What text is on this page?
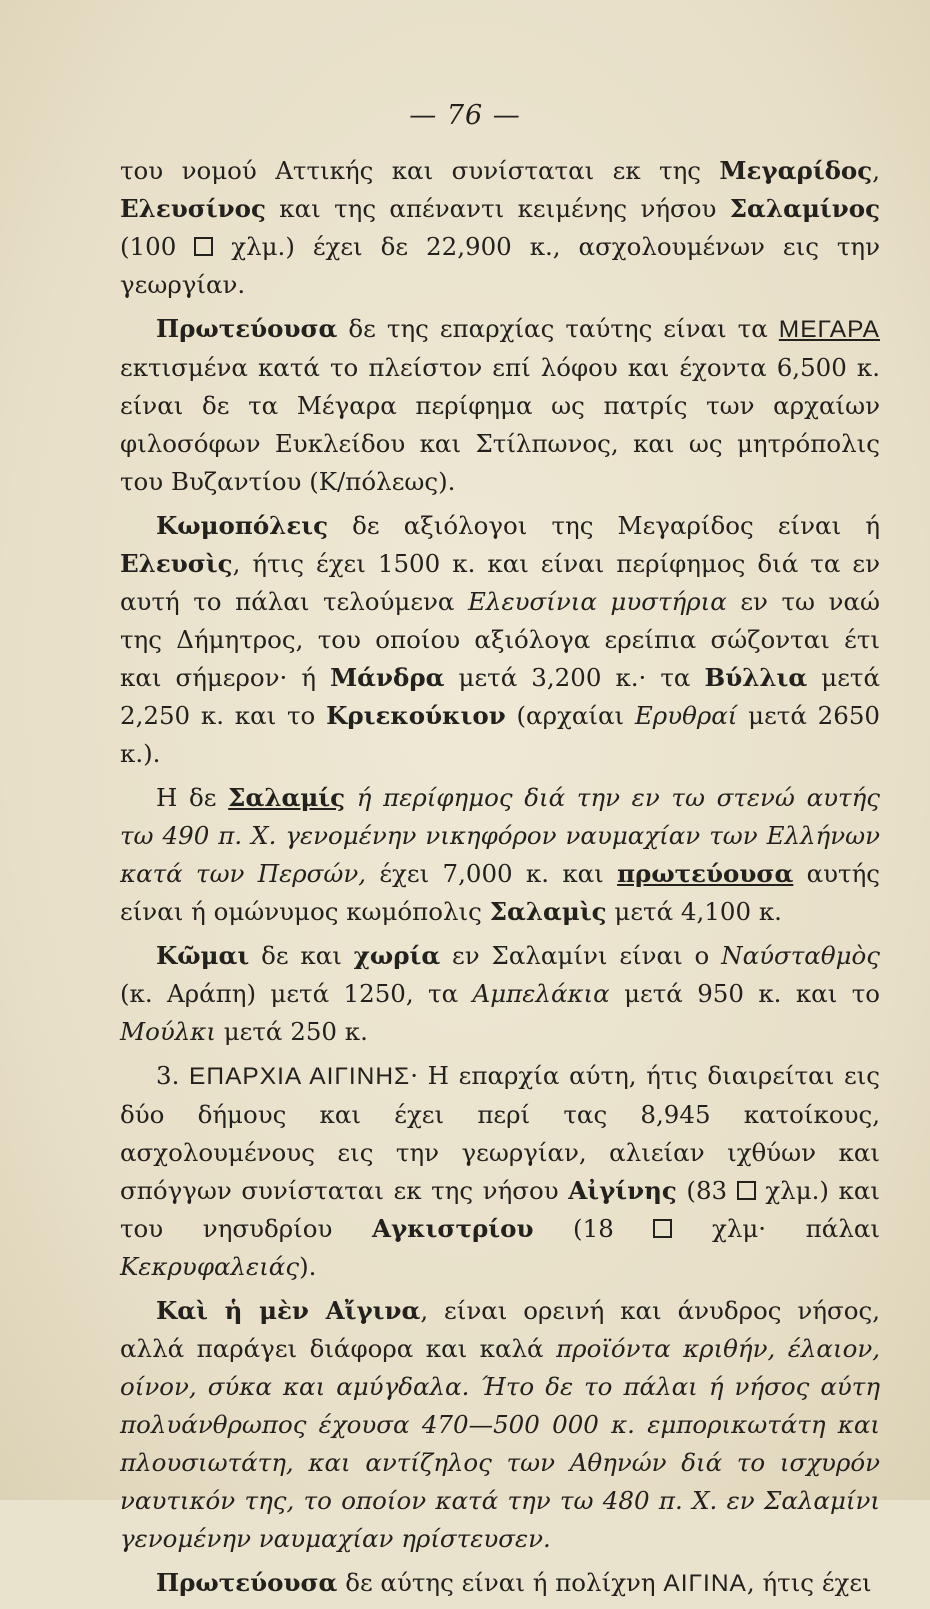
— 76 —

του νομού Αττικής και συνίσταται εκ της Μεγαρίδος, Ελευσίνος και της απέναντι κειμένης νήσου Σαλαμίνος (100  χλμ.) έχει δε 22,900 κ., ασχολουμένων εις την γεωργίαν.

Πρωτεύουσα δε της επαρχίας ταύτης είναι τα ΜΕΓΑΡΑ εκτισμένα κατά το πλείστον επί λόφου και έχοντα 6,500 κ. είναι δε τα Μέγαρα περίφημα ως πατρίς των αρχαίων φιλοσόφων Ευκλείδου και Στίλπωνος, και ως μητρόπολις του Βυζαντίου (Κ/πόλεως).

Κωμοπόλεις δε αξιόλογοι της Μεγαρίδος είναι ή Ελευσὶς, ήτις έχει 1500 κ. και είναι περίφημος διά τα εν αυτή το πάλαι τελούμενα Ελευσίνια μυστήρια εν τω ναώ της Δήμητρος, του οποίου αξιόλογα ερείπια σώζονται έτι και σήμερον· ή Μάνδρα μετά 3,200 κ.· τα Βύλλια μετά 2,250 κ. και το Κριεκούκιον (αρχαίαι Ερυθραί μετά 2650 κ.).

Η δε Σαλαμίς ή περίφημος διά την εν τω στενώ αυτής τω 490 π. Χ. γενομένην νικηφόρον ναυμαχίαν των Ελλήνων κατά των Περσών, έχει 7,000 κ. και πρωτεύουσα αυτής είναι ή ομώνυμος κωμόπολις Σαλαμὶς μετά 4,100 κ.

Κῶμαι δε και χωρία εν Σαλαμίνι είναι ο Ναύσταθμὸς (κ. Αράπη) μετά 1250, τα Αμπελάκια μετά 950 κ. και το Μούλκι μετά 250 κ.

3. ΕΠΑΡΧΙΑ ΑΙΓΙΝΗΣ· Η επαρχία αύτη, ήτις διαιρείται εις δύο δήμους και έχει περί τας 8,945 κατοίκους, ασχολουμένους εις την γεωργίαν, αλιείαν ιχθύων και σπόγγων συνίσταται εκ της νήσου Αἰγίνης (83  χλμ.) και του νησυδρίου Αγκιστρίου (18  χλμ· πάλαι Κεκρυφαλειάς).

Καὶ ἡ μὲν Αἴγινα, είναι ορεινή και άνυδρος νήσος, αλλά παράγει διάφορα και καλά προϊόντα κριθήν, έλαιον, οίνον, σύκα και αμύγδαλα. Ήτο δε το πάλαι ή νήσος αύτη πολυάνθρωπος έχουσα 470—500 000 κ. εμπορικωτάτη και πλουσιωτάτη, και αντίζηλος των Αθηνών διά το ισχυρόν ναυτικόν της, το οποίον κατά την τω 480 π. Χ. εν Σαλαμίνι γενομένην ναυμαχίαν ηρίστευσεν.

Πρωτεύουσα δε αύτης είναι ή πολίχνη ΑΙΓΙΝΑ, ήτις έχει
